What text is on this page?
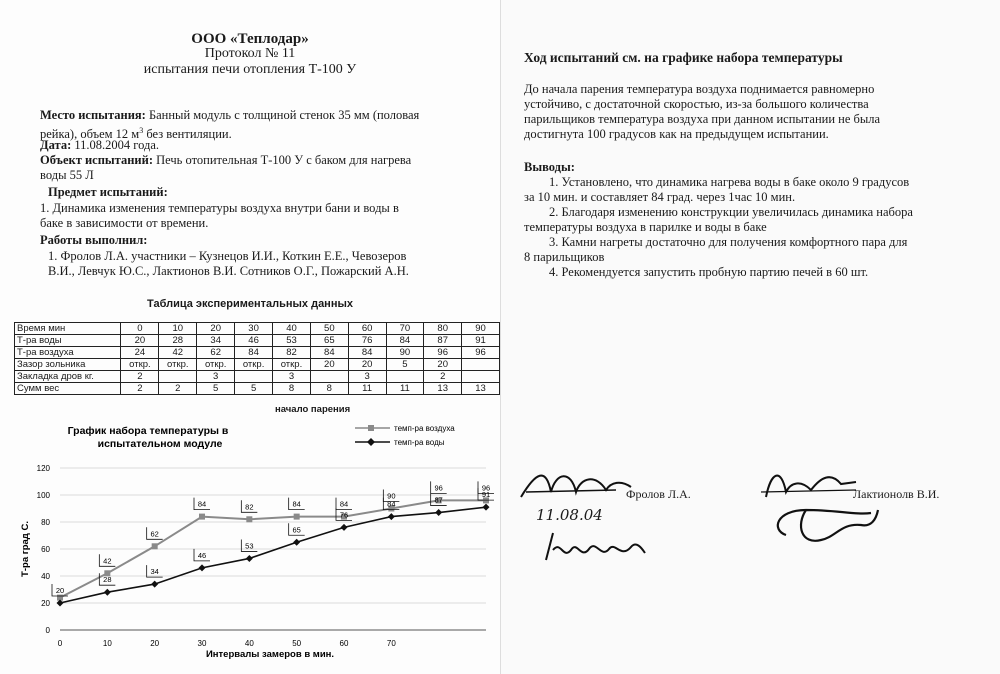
ООО «Теплодар»
Протокол № 11
испытания печи отопления Т-100 У
Место испытания: Банный модуль с толщиной стенок 35 мм (половая
рейка), объем 12 $м^3$ без вентиляции.
Дата: 11.08.2004 года.
Объект испытаний: Печь отопительная Т-100 У с баком для нагрева
воды 55 Л
Предмет испытаний:
1. Динамика изменения температуры воздуха внутри бани и воды в
баке в зависимости от времени.
Работы выполнил:
1. Фролов Л.А. участники – Кузнецов И.И., Коткин Е.Е., Чевозеров
В.И., Левчук Ю.С., Лактионов В.И. Сотников О.Г., Пожарский А.Н.
Таблица экспериментальных данных
Время мин	0	10	20	30	40	50	60	70	80	90
Т-ра воды	20	28	34	46	53	65	76	84	87	91
Т-ра воздуха	24	42	62	84	82	84	84	90	96	96
Зазор зольника	откр.	откр.	откр.	откр.	откр.	20	20	5	20	
Закладка дров кг.	2		3		3		3		2	
Сумм вес	2	2	5	5	8	8	11	11	13	13
начало парения
График набора температуры в
испытательном модуле
темп-ра воздуха
темп-ра воды
0
20
40
60
80
100
120
0	10	20	30	40	50	60	70
Интервалы замеров в мин.
Т-ра град С.	42
62
84	82	84	84
90
96	96
20
28
34
46
53
65
76
84	87
91
Ход испытаний см. на графике набора температуры
До начала парения температура воздуха поднимается равномерно
устойчиво, с достаточной скоростью, из-за большого количества
парильщиков температура воздуха при данном испытании не была
достигнута 100 градусов как на предыдущем испытании.
Выводы:
1. Установлено, что динамика нагрева воды в баке около 9 градусов
за 10 мин. и составляет 84 град. через 1час 10 мин.
2. Благодаря изменению конструкции увеличилась динамика набора
температуры воздуха в парилке и воды в баке
3. Камни нагреты достаточно для получения комфортного пара для
8 парильщиков
4. Рекомендуется запустить пробную партию печей в 60 шт.
Фролов Л.А.
11.08.04
Лактионолв В.И.
